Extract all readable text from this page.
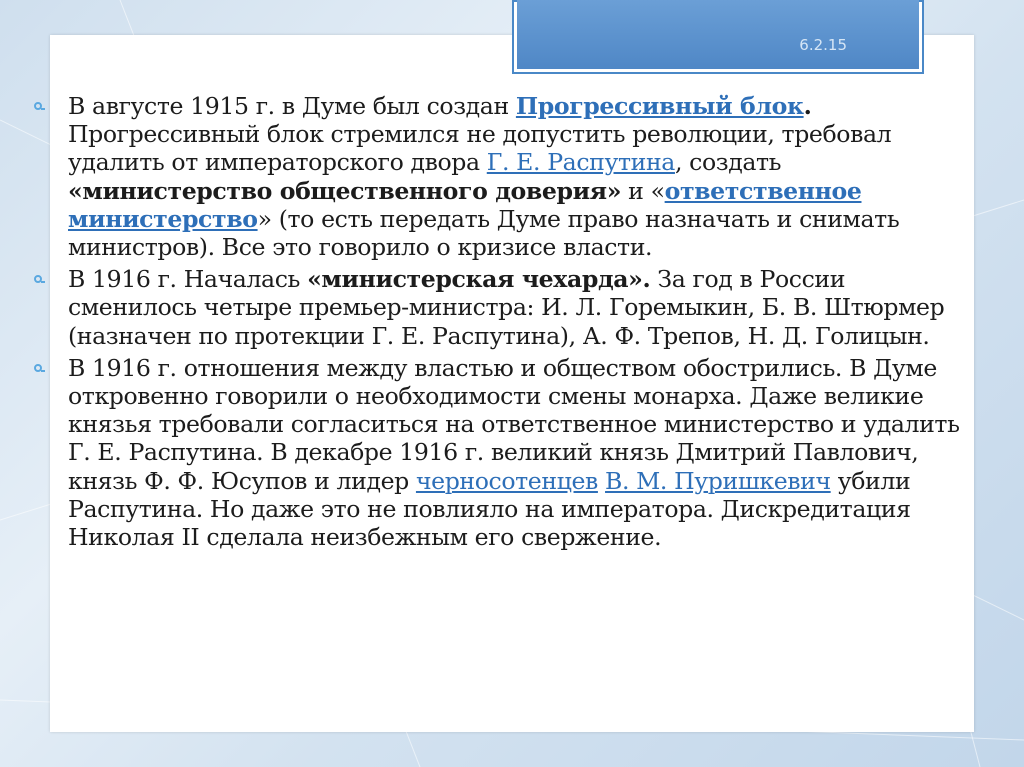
6.2.15
В августе 1915 г. в Думе был создан Прогрессивный блок. Прогрессивный блок стремился не допустить революции, требовал удалить от императорского двора Г. Е. Распутина, создать «министерство общественного доверия» и «ответственное министерство» (то есть передать Думе право назначать и снимать министров). Все это говорило о кризисе власти.
В 1916 г. Началась «министерская чехарда». За год в России сменилось четыре премьер-министра: И. Л. Горемыкин, Б. В. Штюрмер (назначен по протекции Г. Е. Распутина), А. Ф. Трепов, Н. Д. Голицын.
В 1916 г. отношения между властью и обществом обострились. В Думе откровенно говорили о необходимости смены монарха. Даже великие князья требовали согласиться на ответственное министерство и удалить Г. Е. Распутина. В декабре 1916 г. великий князь Дмитрий Павлович, князь Ф. Ф. Юсупов и лидер черносотенцев В. М. Пуришкевич убили Распутина. Но даже это не повлияло на императора. Дискредитация Николая II сделала неизбежным его свержение.
